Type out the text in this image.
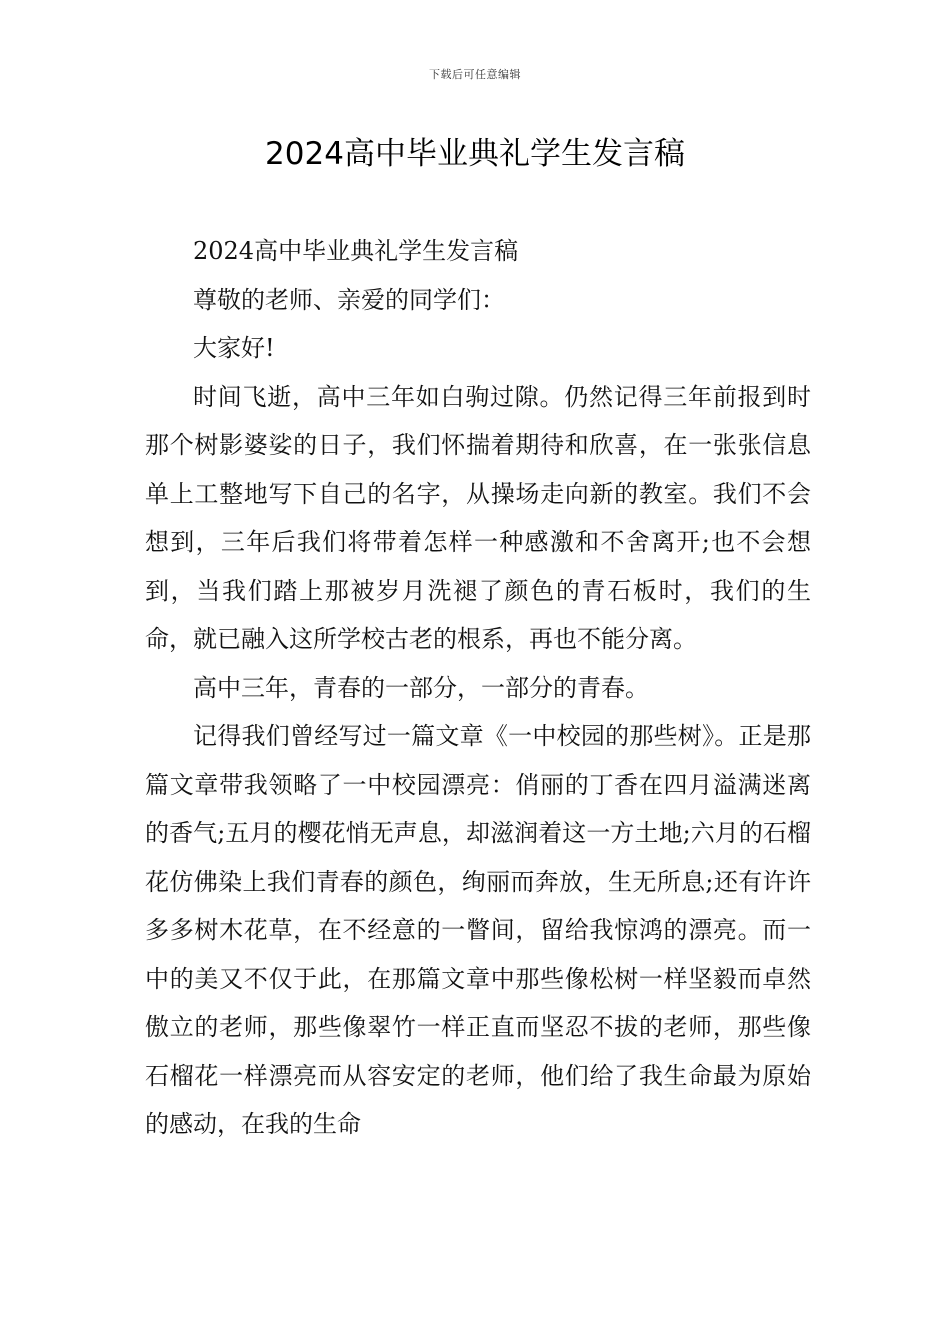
下载后可任意编辑
2024高中毕业典礼学生发言稿

2024高中毕业典礼学生发言稿

尊敬的老师、亲爱的同学们：

大家好!

时间飞逝，高中三年如白驹过隙。仍然记得三年前报到时那个树影婆娑的日子，我们怀揣着期待和欣喜，在一张张信息单上工整地写下自己的名字，从操场走向新的教室。我们不会想到，三年后我们将带着怎样一种感激和不舍离开;也不会想到，当我们踏上那被岁月洗褪了颜色的青石板时，我们的生命，就已融入这所学校古老的根系，再也不能分离。

高中三年，青春的一部分，一部分的青春。

记得我们曾经写过一篇文章《一中校园的那些树》。正是那篇文章带我领略了一中校园漂亮：俏丽的丁香在四月溢满迷离的香气;五月的樱花悄无声息，却滋润着这一方土地;六月的石榴花仿佛染上我们青春的颜色，绚丽而奔放，生无所息;还有许许多多树木花草，在不经意的一瞥间，留给我惊鸿的漂亮。而一中的美又不仅于此，在那篇文章中那些像松树一样坚毅而卓然傲立的老师，那些像翠竹一样正直而坚忍不拔的老师，那些像石榴花一样漂亮而从容安定的老师，他们给了我生命最为原始的感动，在我的生命
